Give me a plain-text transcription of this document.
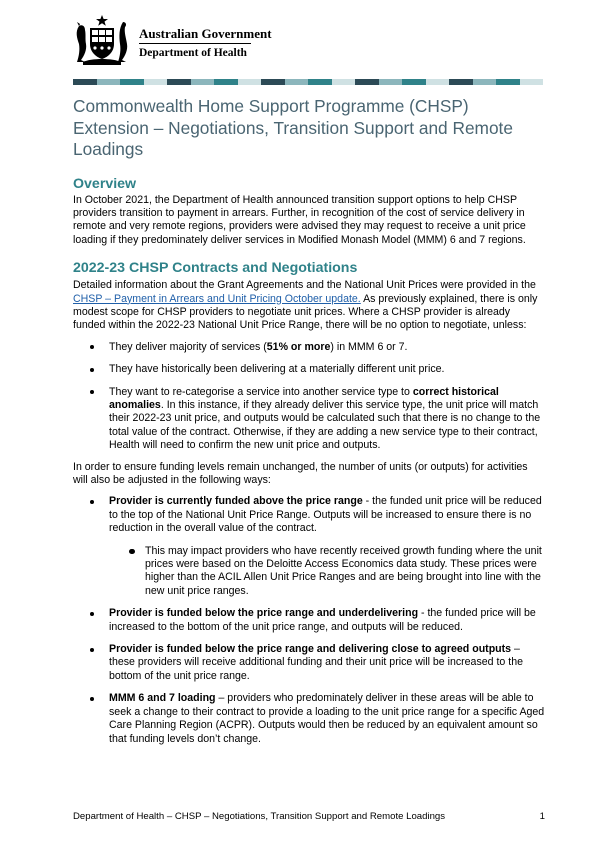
Australian Government
Department of Health
Commonwealth Home Support Programme (CHSP) Extension – Negotiations, Transition Support and Remote Loadings
Overview

In October 2021, the Department of Health announced transition support options to help CHSP providers transition to payment in arrears. Further, in recognition of the cost of service delivery in remote and very remote regions, providers were advised they may request to receive a unit price loading if they predominately deliver services in Modified Monash Model (MMM) 6 and 7 regions.

2022-23 CHSP Contracts and Negotiations

Detailed information about the Grant Agreements and the National Unit Prices were provided in the CHSP – Payment in Arrears and Unit Pricing October update. As previously explained, there is only modest scope for CHSP providers to negotiate unit prices. Where a CHSP provider is already funded within the 2022-23 National Unit Price Range, there will be no option to negotiate, unless:

They deliver majority of services (51% or more) in MMM 6 or 7.
They have historically been delivering at a materially different unit price.
They want to re-categorise a service into another service type to correct historical anomalies. In this instance, if they already deliver this service type, the unit price will match their 2022-23 unit price, and outputs would be calculated such that there is no change to the total value of the contract. Otherwise, if they are adding a new service type to their contract, Health will need to confirm the new unit price and outputs.

In order to ensure funding levels remain unchanged, the number of units (or outputs) for activities will also be adjusted in the following ways:

Provider is currently funded above the price range - the funded unit price will be reduced to the top of the National Unit Price Range. Outputs will be increased to ensure there is no reduction in the overall value of the contract.
This may impact providers who have recently received growth funding where the unit prices were based on the Deloitte Access Economics data study. These prices were higher than the ACIL Allen Unit Price Ranges and are being brought into line with the new unit price ranges.
Provider is funded below the price range and underdelivering - the funded price will be increased to the bottom of the unit price range, and outputs will be reduced.
Provider is funded below the price range and delivering close to agreed outputs – these providers will receive additional funding and their unit price will be increased to the bottom of the unit price range.
MMM 6 and 7 loading – providers who predominately deliver in these areas will be able to seek a change to their contract to provide a loading to the unit price range for a specific Aged Care Planning Region (ACPR). Outputs would then be reduced by an equivalent amount so that funding levels don’t change.
Department of Health – CHSP – Negotiations, Transition Support and Remote Loadings	1
